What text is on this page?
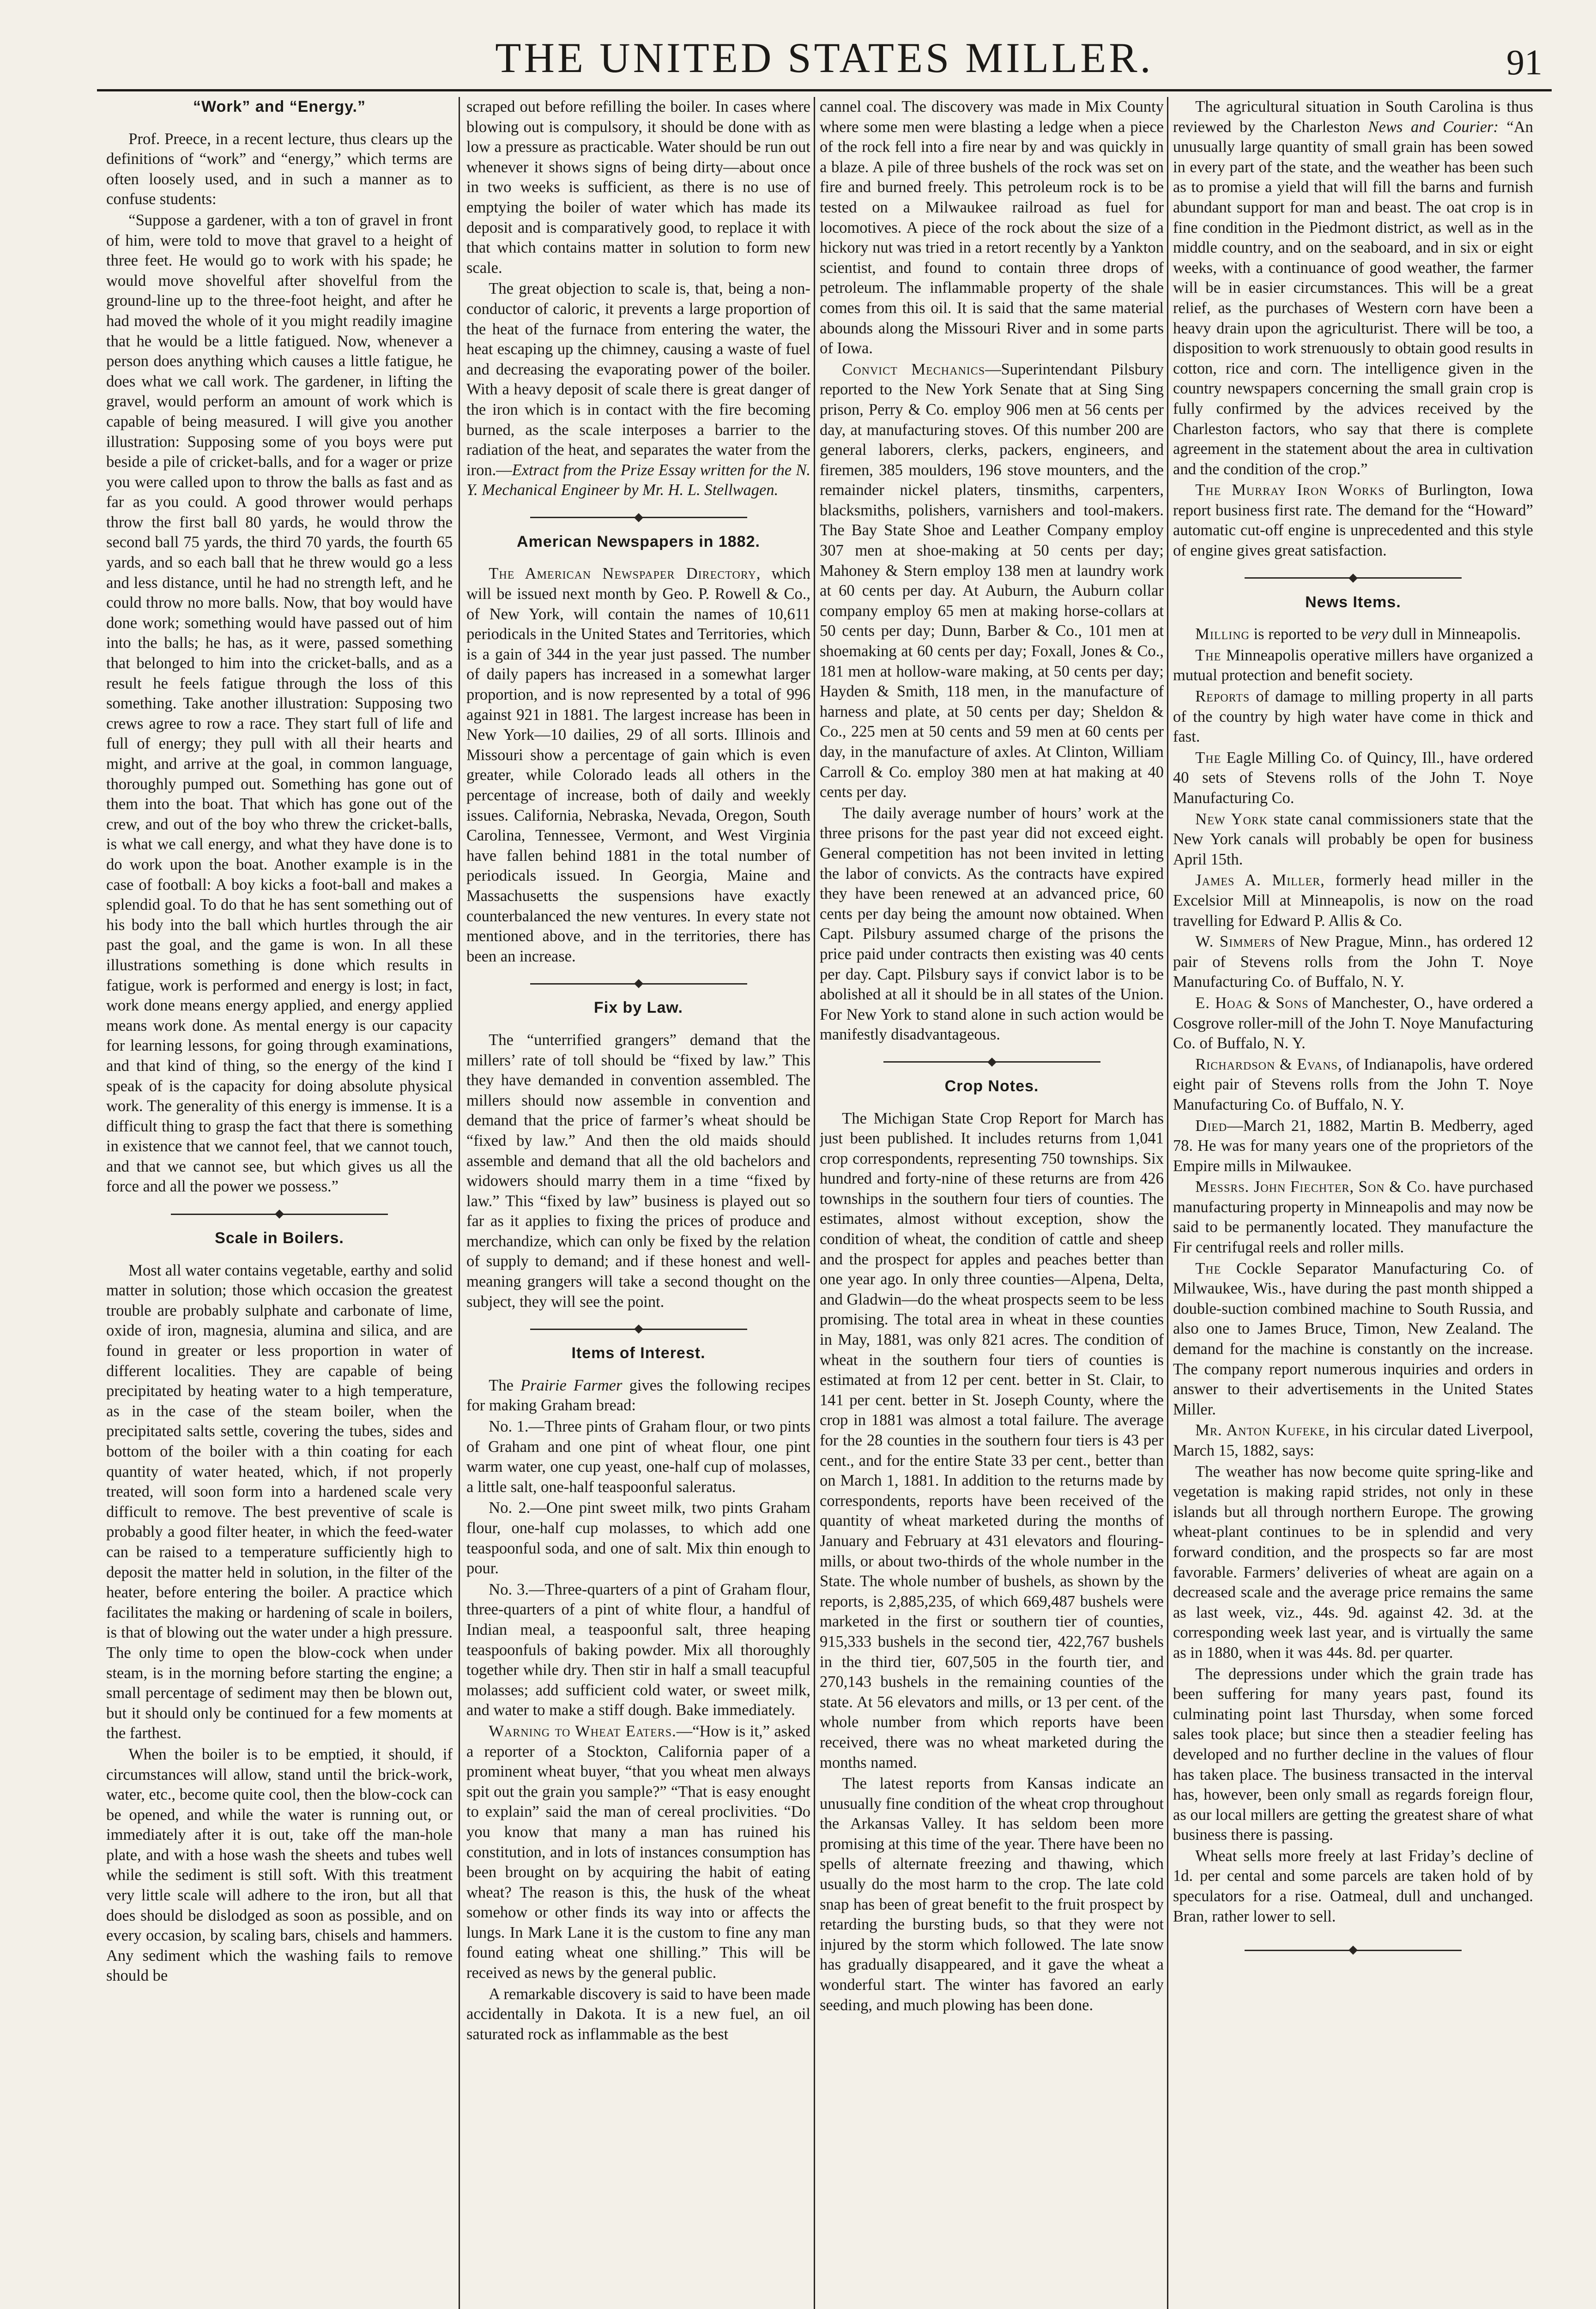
THE UNITED STATES MILLER.	91
“Work” and “Energy.”

Prof. Preece, in a recent lecture, thus clears up the definitions of “work” and “energy,” which terms are often loosely used, and in such a manner as to confuse students:

“Suppose a gardener, with a ton of gravel in front of him, were told to move that gravel to a height of three feet. He would go to work with his spade; he would move shovelful after shovelful from the ground-line up to the three-foot height, and after he had moved the whole of it you might readily imagine that he would be a little fatigued. Now, whenever a person does anything which causes a little fatigue, he does what we call work. The gardener, in lifting the gravel, would perform an amount of work which is capable of being measured. I will give you another illustration: Supposing some of you boys were put beside a pile of cricket-balls, and for a wager or prize you were called upon to throw the balls as fast and as far as you could. A good thrower would perhaps throw the first ball 80 yards, he would throw the second ball 75 yards, the third 70 yards, the fourth 65 yards, and so each ball that he threw would go a less and less distance, until he had no strength left, and he could throw no more balls. Now, that boy would have done work; something would have passed out of him into the balls; he has, as it were, passed something that belonged to him into the cricket-balls, and as a result he feels fatigue through the loss of this something. Take another illustration: Supposing two crews agree to row a race. They start full of life and full of energy; they pull with all their hearts and might, and arrive at the goal, in common language, thoroughly pumped out. Something has gone out of them into the boat. That which has gone out of the crew, and out of the boy who threw the cricket-balls, is what we call energy, and what they have done is to do work upon the boat. Another example is in the case of football: A boy kicks a foot-ball and makes a splendid goal. To do that he has sent something out of his body into the ball which hurtles through the air past the goal, and the game is won. In all these illustrations something is done which results in fatigue, work is performed and energy is lost; in fact, work done means energy applied, and energy applied means work done. As mental energy is our capacity for learning lessons, for going through examinations, and that kind of thing, so the energy of the kind I speak of is the capacity for doing absolute physical work. The generality of this energy is immense. It is a difficult thing to grasp the fact that there is something in existence that we cannot feel, that we cannot touch, and that we cannot see, but which gives us all the force and all the power we possess.”

Scale in Boilers.

Most all water contains vegetable, earthy and solid matter in solution; those which occasion the greatest trouble are probably sulphate and carbonate of lime, oxide of iron, magnesia, alumina and silica, and are found in greater or less proportion in water of different localities. They are capable of being precipitated by heating water to a high temperature, as in the case of the steam boiler, when the precipitated salts settle, covering the tubes, sides and bottom of the boiler with a thin coating for each quantity of water heated, which, if not properly treated, will soon form into a hardened scale very difficult to remove. The best preventive of scale is probably a good filter heater, in which the feed-water can be raised to a temperature sufficiently high to deposit the matter held in solution, in the filter of the heater, before entering the boiler. A practice which facilitates the making or hardening of scale in boilers, is that of blowing out the water under a high pressure. The only time to open the blow-cock when under steam, is in the morning before starting the engine; a small percentage of sediment may then be blown out, but it should only be continued for a few moments at the farthest.

When the boiler is to be emptied, it should, if circumstances will allow, stand until the brick-work, water, etc., become quite cool, then the blow-cock can be opened, and while the water is running out, or immediately after it is out, take off the man-hole plate, and with a hose wash the sheets and tubes well while the sediment is still soft. With this treatment very little scale will adhere to the iron, but all that does should be dislodged as soon as possible, and on every occasion, by scaling bars, chisels and hammers. Any sediment which the washing fails to remove should be

scraped out before refilling the boiler. In cases where blowing out is compulsory, it should be done with as low a pressure as practicable. Water should be run out whenever it shows signs of being dirty—about once in two weeks is sufficient, as there is no use of emptying the boiler of water which has made its deposit and is comparatively good, to replace it with that which contains matter in solution to form new scale.

The great objection to scale is, that, being a non-conductor of caloric, it prevents a large proportion of the heat of the furnace from entering the water, the heat escaping up the chimney, causing a waste of fuel and decreasing the evaporating power of the boiler. With a heavy deposit of scale there is great danger of the iron which is in contact with the fire becoming burned, as the scale interposes a barrier to the radiation of the heat, and separates the water from the iron.—Extract from the Prize Essay written for the N. Y. Mechanical Engineer by Mr. H. L. Stellwagen.

American Newspapers in 1882.

The American Newspaper Directory, which will be issued next month by Geo. P. Rowell & Co., of New York, will contain the names of 10,611 periodicals in the United States and Territories, which is a gain of 344 in the year just passed. The number of daily papers has increased in a somewhat larger proportion, and is now represented by a total of 996 against 921 in 1881. The largest increase has been in New York—10 dailies, 29 of all sorts. Illinois and Missouri show a percentage of gain which is even greater, while Colorado leads all others in the percentage of increase, both of daily and weekly issues. California, Nebraska, Nevada, Oregon, South Carolina, Tennessee, Vermont, and West Virginia have fallen behind 1881 in the total number of periodicals issued. In Georgia, Maine and Massachusetts the suspensions have exactly counterbalanced the new ventures. In every state not mentioned above, and in the territories, there has been an increase.

Fix by Law.

The “unterrified grangers” demand that the millers’ rate of toll should be “fixed by law.” This they have demanded in convention assembled. The millers should now assemble in convention and demand that the price of farmer’s wheat should be “fixed by law.” And then the old maids should assemble and demand that all the old bachelors and widowers should marry them in a time “fixed by law.” This “fixed by law” business is played out so far as it applies to fixing the prices of produce and merchandize, which can only be fixed by the relation of supply to demand; and if these honest and well-meaning grangers will take a second thought on the subject, they will see the point.

Items of Interest.

The Prairie Farmer gives the following recipes for making Graham bread:

No. 1.—Three pints of Graham flour, or two pints of Graham and one pint of wheat flour, one pint warm water, one cup yeast, one-half cup of molasses, a little salt, one-half teaspoonful saleratus.

No. 2.—One pint sweet milk, two pints Graham flour, one-half cup molasses, to which add one teaspoonful soda, and one of salt. Mix thin enough to pour.

No. 3.—Three-quarters of a pint of Graham flour, three-quarters of a pint of white flour, a handful of Indian meal, a teaspoonful salt, three heaping teaspoonfuls of baking powder. Mix all thoroughly together while dry. Then stir in half a small teacupful molasses; add sufficient cold water, or sweet milk, and water to make a stiff dough. Bake immediately.

Warning to Wheat Eaters.—“How is it,” asked a reporter of a Stockton, California paper of a prominent wheat buyer, “that you wheat men always spit out the grain you sample?” “That is easy enought to explain” said the man of cereal proclivities. “Do you know that many a man has ruined his constitution, and in lots of instances consumption has been brought on by acquiring the habit of eating wheat? The reason is this, the husk of the wheat somehow or other finds its way into or affects the lungs. In Mark Lane it is the custom to fine any man found eating wheat one shilling.” This will be received as news by the general public.

A remarkable discovery is said to have been made accidentally in Dakota. It is a new fuel, an oil saturated rock as inflammable as the best

cannel coal. The discovery was made in Mix County where some men were blasting a ledge when a piece of the rock fell into a fire near by and was quickly in a blaze. A pile of three bushels of the rock was set on fire and burned freely. This petroleum rock is to be tested on a Milwaukee railroad as fuel for locomotives. A piece of the rock about the size of a hickory nut was tried in a retort recently by a Yankton scientist, and found to contain three drops of petroleum. The inflammable property of the shale comes from this oil. It is said that the same material abounds along the Missouri River and in some parts of Iowa.

Convict Mechanics—Superintendant Pilsbury reported to the New York Senate that at Sing Sing prison, Perry & Co. employ 906 men at 56 cents per day, at manufacturing stoves. Of this number 200 are general laborers, clerks, packers, engineers, and firemen, 385 moulders, 196 stove mounters, and the remainder nickel platers, tinsmiths, carpenters, blacksmiths, polishers, varnishers and tool-makers. The Bay State Shoe and Leather Company employ 307 men at shoe-making at 50 cents per day; Mahoney & Stern employ 138 men at laundry work at 60 cents per day. At Auburn, the Auburn collar company employ 65 men at making horse-collars at 50 cents per day; Dunn, Barber & Co., 101 men at shoemaking at 60 cents per day; Foxall, Jones & Co., 181 men at hollow-ware making, at 50 cents per day; Hayden & Smith, 118 men, in the manufacture of harness and plate, at 50 cents per day; Sheldon & Co., 225 men at 50 cents and 59 men at 60 cents per day, in the manufacture of axles. At Clinton, William Carroll & Co. employ 380 men at hat making at 40 cents per day.

The daily average number of hours’ work at the three prisons for the past year did not exceed eight. General competition has not been invited in letting the labor of convicts. As the contracts have expired they have been renewed at an advanced price, 60 cents per day being the amount now obtained. When Capt. Pilsbury assumed charge of the prisons the price paid under contracts then existing was 40 cents per day. Capt. Pilsbury says if convict labor is to be abolished at all it should be in all states of the Union. For New York to stand alone in such action would be manifestly disadvantageous.

Crop Notes.

The Michigan State Crop Report for March has just been published. It includes returns from 1,041 crop correspondents, representing 750 townships. Six hundred and forty-nine of these returns are from 426 townships in the southern four tiers of counties. The estimates, almost without exception, show the condition of wheat, the condition of cattle and sheep and the prospect for apples and peaches better than one year ago. In only three counties—Alpena, Delta, and Gladwin—do the wheat prospects seem to be less promising. The total area in wheat in these counties in May, 1881, was only 821 acres. The condition of wheat in the southern four tiers of counties is estimated at from 12 per cent. better in St. Clair, to 141 per cent. better in St. Joseph County, where the crop in 1881 was almost a total failure. The average for the 28 counties in the southern four tiers is 43 per cent., and for the entire State 33 per cent., better than on March 1, 1881. In addition to the returns made by correspondents, reports have been received of the quantity of wheat marketed during the months of January and February at 431 elevators and flouring-mills, or about two-thirds of the whole number in the State. The whole number of bushels, as shown by the reports, is 2,885,235, of which 669,487 bushels were marketed in the first or southern tier of counties, 915,333 bushels in the second tier, 422,767 bushels in the third tier, 607,505 in the fourth tier, and 270,143 bushels in the remaining counties of the state. At 56 elevators and mills, or 13 per cent. of the whole number from which reports have been received, there was no wheat marketed during the months named.

The latest reports from Kansas indicate an unusually fine condition of the wheat crop throughout the Arkansas Valley. It has seldom been more promising at this time of the year. There have been no spells of alternate freezing and thawing, which usually do the most harm to the crop. The late cold snap has been of great benefit to the fruit prospect by retarding the bursting buds, so that they were not injured by the storm which followed. The late snow has gradually disappeared, and it gave the wheat a wonderful start. The winter has favored an early seeding, and much plowing has been done.

The agricultural situation in South Carolina is thus reviewed by the Charleston News and Courier: “An unusually large quantity of small grain has been sowed in every part of the state, and the weather has been such as to promise a yield that will fill the barns and furnish abundant support for man and beast. The oat crop is in fine condition in the Piedmont district, as well as in the middle country, and on the seaboard, and in six or eight weeks, with a continuance of good weather, the farmer will be in easier circumstances. This will be a great relief, as the purchases of Western corn have been a heavy drain upon the agriculturist. There will be too, a disposition to work strenuously to obtain good results in cotton, rice and corn. The intelligence given in the country newspapers concerning the small grain crop is fully confirmed by the advices received by the Charleston factors, who say that there is complete agreement in the statement about the area in cultivation and the condition of the crop.”

The Murray Iron Works of Burlington, Iowa report business first rate. The demand for the “Howard” automatic cut-off engine is unprecedented and this style of engine gives great satisfaction.

News Items.

Milling is reported to be very dull in Minneapolis.

The Minneapolis operative millers have organized a mutual protection and benefit society.

Reports of damage to milling property in all parts of the country by high water have come in thick and fast.

The Eagle Milling Co. of Quincy, Ill., have ordered 40 sets of Stevens rolls of the John T. Noye Manufacturing Co.

New York state canal commissioners state that the New York canals will probably be open for business April 15th.

James A. Miller, formerly head miller in the Excelsior Mill at Minneapolis, is now on the road travelling for Edward P. Allis & Co.

W. Simmers of New Prague, Minn., has ordered 12 pair of Stevens rolls from the John T. Noye Manufacturing Co. of Buffalo, N. Y.

E. Hoag & Sons of Manchester, O., have ordered a Cosgrove roller-mill of the John T. Noye Manufacturing Co. of Buffalo, N. Y.

Richardson & Evans, of Indianapolis, have ordered eight pair of Stevens rolls from the John T. Noye Manufacturing Co. of Buffalo, N. Y.

Died—March 21, 1882, Martin B. Medberry, aged 78. He was for many years one of the proprietors of the Empire mills in Milwaukee.

Messrs. John Fiechter, Son & Co. have purchased manufacturing property in Minneapolis and may now be said to be permanently located. They manufacture the Fir centrifugal reels and roller mills.

The Cockle Separator Manufacturing Co. of Milwaukee, Wis., have during the past month shipped a double-suction combined machine to South Russia, and also one to James Bruce, Timon, New Zealand. The demand for the machine is constantly on the increase. The company report numerous inquiries and orders in answer to their advertisements in the United States Miller.

Mr. Anton Kufeke, in his circular dated Liverpool, March 15, 1882, says:

The weather has now become quite spring-like and vegetation is making rapid strides, not only in these islands but all through northern Europe. The growing wheat-plant continues to be in splendid and very forward condition, and the prospects so far are most favorable. Farmers’ deliveries of wheat are again on a decreased scale and the average price remains the same as last week, viz., 44s. 9d. against 42. 3d. at the corresponding week last year, and is virtually the same as in 1880, when it was 44s. 8d. per quarter.

The depressions under which the grain trade has been suffering for many years past, found its culminating point last Thursday, when some forced sales took place; but since then a steadier feeling has developed and no further decline in the values of flour has taken place. The business transacted in the interval has, however, been only small as regards foreign flour, as our local millers are getting the greatest share of what business there is passing.

Wheat sells more freely at last Friday’s decline of 1d. per cental and some parcels are taken hold of by speculators for a rise. Oatmeal, dull and unchanged. Bran, rather lower to sell.
